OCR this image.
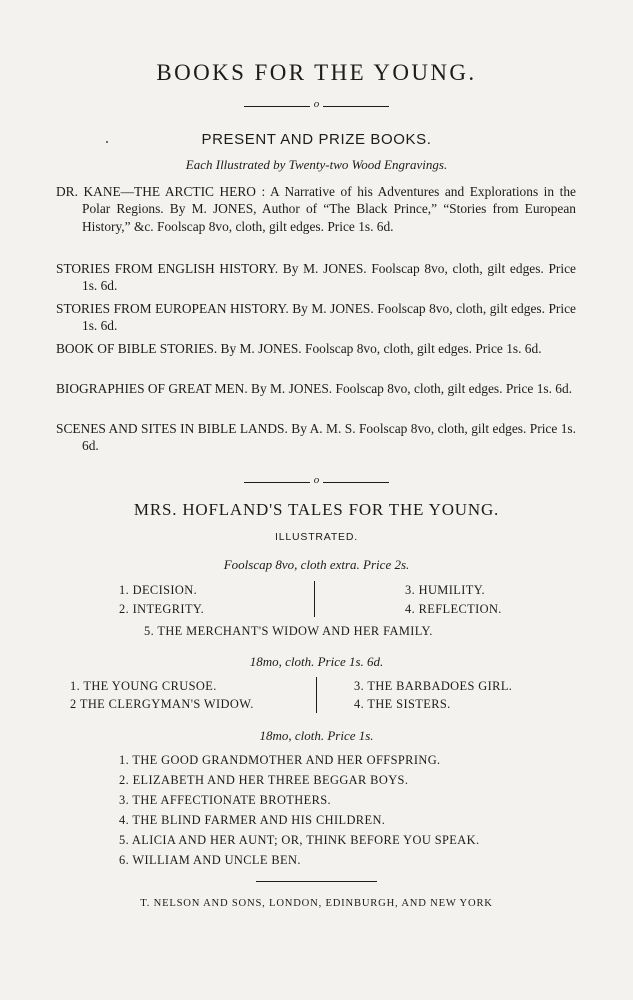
BOOKS FOR THE YOUNG.
o
PRESENT AND PRIZE BOOKS.
Each Illustrated by Twenty-two Wood Engravings.
DR. KANE—THE ARCTIC HERO : A Narrative of his Adventures and Explorations in the Polar Regions. By M. JONES, Author of “The Black Prince,” “Stories from European History,” &c. Foolscap 8vo, cloth, gilt edges. Price 1s. 6d.
STORIES FROM ENGLISH HISTORY. By M. JONES. Foolscap 8vo, cloth, gilt edges. Price 1s. 6d.
STORIES FROM EUROPEAN HISTORY. By M. JONES. Foolscap 8vo, cloth, gilt edges. Price 1s. 6d.
BOOK OF BIBLE STORIES. By M. JONES. Foolscap 8vo, cloth, gilt edges. Price 1s. 6d.
BIOGRAPHIES OF GREAT MEN. By M. JONES. Foolscap 8vo, cloth, gilt edges. Price 1s. 6d.
SCENES AND SITES IN BIBLE LANDS. By A. M. S. Foolscap 8vo, cloth, gilt edges. Price 1s. 6d.
o
MRS. HOFLAND'S TALES FOR THE YOUNG.
ILLUSTRATED.
Foolscap 8vo, cloth extra. Price 2s.
1. DECISION.
2. INTEGRITY.
3. HUMILITY.
4. REFLECTION.
5. THE MERCHANT'S WIDOW AND HER FAMILY.
18mo, cloth. Price 1s. 6d.
1. THE YOUNG CRUSOE.
2 THE CLERGYMAN'S WIDOW.
3. THE BARBADOES GIRL.
4. THE SISTERS.
18mo, cloth. Price 1s.
1. THE GOOD GRANDMOTHER AND HER OFFSPRING.
2. ELIZABETH AND HER THREE BEGGAR BOYS.
3. THE AFFECTIONATE BROTHERS.
4. THE BLIND FARMER AND HIS CHILDREN.
5. ALICIA AND HER AUNT; OR, THINK BEFORE YOU SPEAK.
6. WILLIAM AND UNCLE BEN.
T. NELSON AND SONS, LONDON, EDINBURGH, AND NEW YORK
